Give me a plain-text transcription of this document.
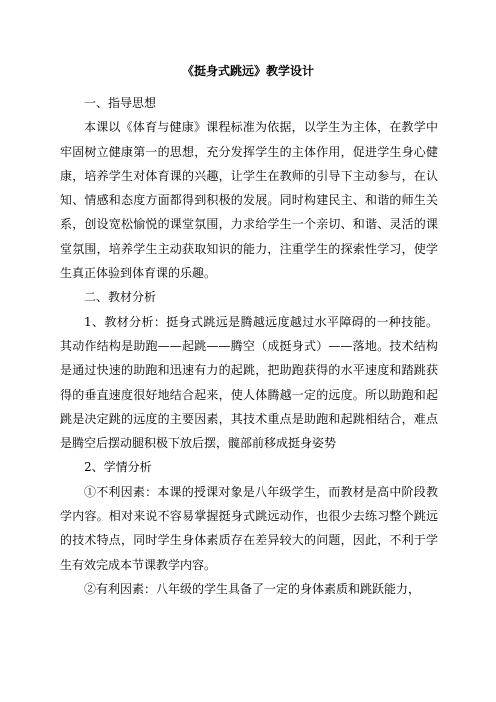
《挺身式跳远》教学设计

一、指导思想

本课以《体育与健康》课程标准为依据，以学生为主体，在教学中牢固树立健康第一的思想，充分发挥学生的主体作用，促进学生身心健康，培养学生对体育课的兴趣，让学生在教师的引导下主动参与，在认知、情感和态度方面都得到积极的发展。同时构建民主、和谐的师生关系，创设宽松愉悦的课堂氛围，力求给学生一个亲切、和谐、灵活的课堂氛围，培养学生主动获取知识的能力，注重学生的探索性学习，使学生真正体验到体育课的乐趣。

二、教材分析

1、教材分析：挺身式跳远是腾越远度越过水平障碍的一种技能。其动作结构是助跑——起跳——腾空（成挺身式）——落地。技术结构是通过快速的助跑和迅速有力的起跳，把助跑获得的水平速度和踏跳获得的垂直速度很好地结合起来，使人体腾越一定的远度。所以助跑和起跳是决定跳的远度的主要因素，其技术重点是助跑和起跳相结合，难点是腾空后摆动腿积极下放后摆，髋部前移成挺身姿势

2、学情分析

①不利因素：本课的授课对象是八年级学生，而教材是高中阶段教学内容。相对来说不容易掌握挺身式跳远动作，也很少去练习整个跳远的技术特点，同时学生身体素质存在差异较大的问题，因此，不利于学生有效完成本节课教学内容。

②有利因素：八年级的学生具备了一定的身体素质和跳跃能力，
